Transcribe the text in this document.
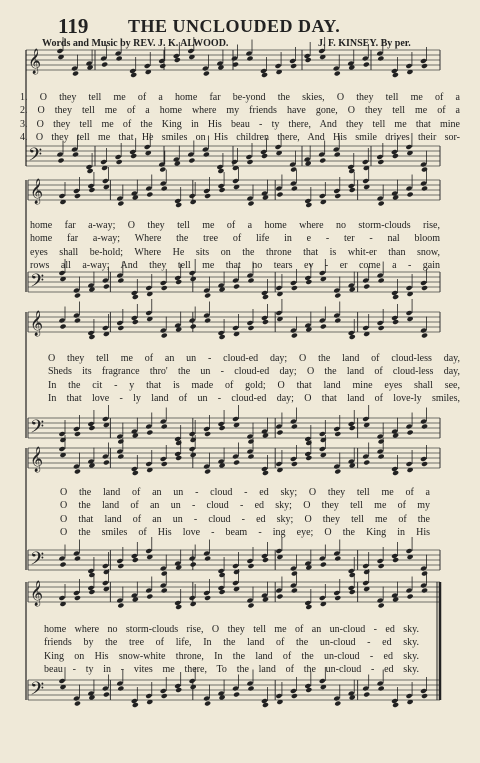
119 THE UNCLOUDED DAY.
Words and Music by REV. J. K. ALWOOD.	J. F. KINSEY. By per.
𝄞
𝄢
𝄞
𝄢
𝄞
𝄢
𝄞
𝄢
𝄞
𝄢
1. O they tell me of a home far be-yond the skies, O they tell me of a
2. O they tell me of a home where my friends have gone, O they tell me of a
3. O they tell me of the King in His beau - ty there, And they tell me that mine
4. O they tell me that He smiles on His children there, And His smile drives their sor-
home far a-way; O they tell me of a home where no storm-clouds rise,
home far a-way; Where the tree of life in e - ter - nal bloom
eyes shall be-hold; Where He sits on the throne that is whit-er than snow,
rows all a-way; And they tell me that no tears ev - er come a - gain
O they tell me of an un - cloud-ed day; O the land of cloud-less day,
Sheds its fragrance thro' the un - cloud-ed day; O the land of cloud-less day,
In the cit - y that is made of gold; O that land mine eyes shall see,
In that love - ly land of un - cloud-ed day; O that land of love-ly smiles,
O the land of an un - cloud - ed sky; O they tell me of a
O the land of an un - cloud - ed sky; O they tell me of my
O that land of an un - cloud - ed sky; O they tell me of the
O the smiles of His love - beam - ing eye; O the King in His
home where no storm-clouds rise, O they tell me of an un-cloud - ed sky.
friends by the tree of life, In the land of the un-cloud - ed sky.
King on His snow-white throne, In the land of the un-cloud - ed sky.
beau - ty in - vites me there, To the land of the un-cloud - ed sky.
